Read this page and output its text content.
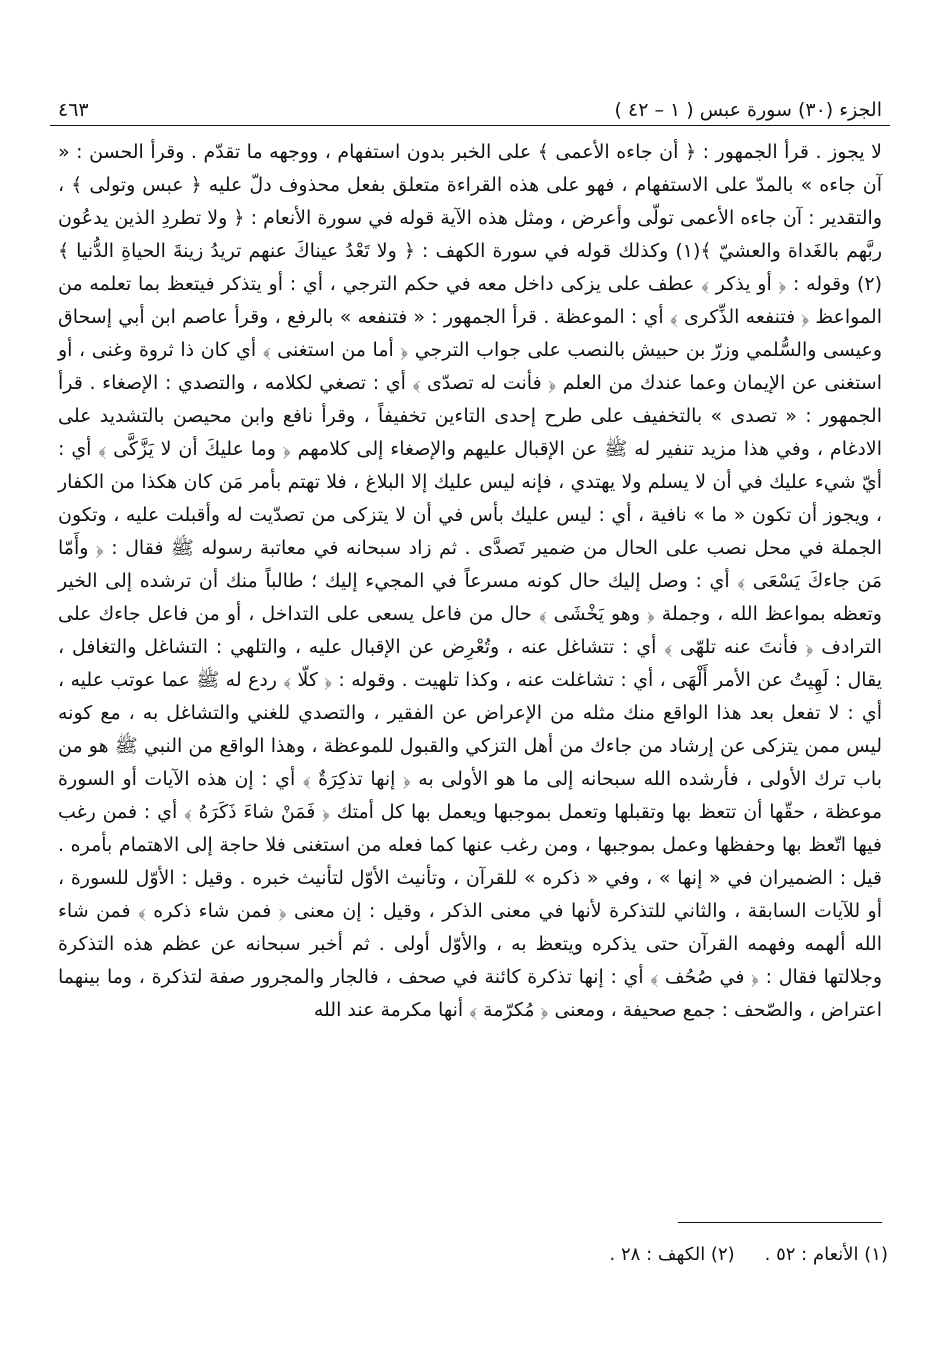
الجزء (٣٠) سورة عبس ( ١ – ٤٢ )
٤٦٣

لا يجوز . قرأ الجمهور : ﴿ أن جاءه الأعمى ﴾ على الخبر بدون استفهام ، ووجهه ما تقدّم . وقرأ الحسن : « آن جاءه » بالمدّ على الاستفهام ، فهو على هذه القراءة متعلق بفعل محذوف دلّ عليه ﴿ عبس وتولى ﴾ ، والتقدير : آن جاءه الأعمى تولّى وأعرض ، ومثل هذه الآية قوله في سورة الأنعام : ﴿ ولا تطردِ الذين يدعُون ربَّهم بالغَداة والعشيّ ﴾(١) وكذلك قوله في سورة الكهف : ﴿ ولا تَعْدُ عيناكَ عنهم تريدُ زينةَ الحياةِ الدُّنيا ﴾(٢) وقوله : ﴿ أو يذكر ﴾ عطف على يزكى داخل معه في حكم الترجي ، أي : أو يتذكر فيتعظ بما تعلمه من المواعظ ﴿ فتنفعه الذِّكرى ﴾ أي : الموعظة . قرأ الجمهور : « فتنفعه » بالرفع ، وقرأ عاصم ابن أبي إسحاق وعيسى والسُّلمي وزرّ بن حبيش بالنصب على جواب الترجي ﴿ أما من استغنى ﴾ أي كان ذا ثروة وغنى ، أو استغنى عن الإيمان وعما عندك من العلم ﴿ فأنت له تصدّى ﴾ أي : تصغي لكلامه ، والتصدي : الإصغاء . قرأ الجمهور : « تصدى » بالتخفيف على طرح إحدى التاءين تخفيفاً ، وقرأ نافع وابن محيصن بالتشديد على الادغام ، وفي هذا مزيد تنفير له ﷺ عن الإقبال عليهم والإصغاء إلى كلامهم ﴿ وما عليكَ أن لا يَزَّكَّى ﴾ أي : أيّ شيء عليك في أن لا يسلم ولا يهتدي ، فإنه ليس عليك إلا البلاغ ، فلا تهتم بأمر مَن كان هكذا من الكفار ، ويجوز أن تكون « ما » نافية ، أي : ليس عليك بأس في أن لا يتزكى من تصدّيت له وأقبلت عليه ، وتكون الجملة في محل نصب على الحال من ضمير تَصدَّى . ثم زاد سبحانه في معاتبة رسوله ﷺ فقال : ﴿ وأَمّا مَن جاءكَ يَسْعَى ﴾ أي : وصل إليك حال كونه مسرعاً في المجيء إليك ؛ طالباً منك أن ترشده إلى الخير وتعظه بمواعظ الله ، وجملة ﴿ وهو يَخْشَى ﴾ حال من فاعل يسعى على التداخل ، أو من فاعل جاءك على الترادف ﴿ فأنتَ عنه تلهّى ﴾ أي : تتشاغل عنه ، وتُعْرِض عن الإقبال عليه ، والتلهي : التشاغل والتغافل ، يقال : لَهِيتُ عن الأمر أَلْهَى ، أي : تشاغلت عنه ، وكذا تلهيت . وقوله : ﴿ كلّا ﴾ ردع له ﷺ عما عوتب عليه ، أي : لا تفعل بعد هذا الواقع منك مثله من الإعراض عن الفقير ، والتصدي للغني والتشاغل به ، مع كونه ليس ممن يتزكى عن إرشاد من جاءك من أهل التزكي والقبول للموعظة ، وهذا الواقع من النبي ﷺ هو من باب ترك الأولى ، فأرشده الله سبحانه إلى ما هو الأولى به ﴿ إنها تذكِرَةٌ ﴾ أي : إن هذه الآيات أو السورة موعظة ، حقّها أن تتعظ بها وتقبلها وتعمل بموجبها ويعمل بها كل أمتك ﴿ فَمَنْ شاءَ ذَكَرَهُ ﴾ أي : فمن رغب فيها اتّعظ بها وحفظها وعمل بموجبها ، ومن رغب عنها كما فعله من استغنى فلا حاجة إلى الاهتمام بأمره . قيل : الضميران في « إنها » ، وفي « ذكره » للقرآن ، وتأنيث الأوّل لتأنيث خبره . وقيل : الأوّل للسورة ، أو للآيات السابقة ، والثاني للتذكرة لأنها في معنى الذكر ، وقيل : إن معنى ﴿ فمن شاء ذكره ﴾ فمن شاء الله ألهمه وفهمه القرآن حتى يذكره ويتعظ به ، والأوّل أولى . ثم أخبر سبحانه عن عظم هذه التذكرة وجلالتها فقال : ﴿ في صُحُف ﴾ أي : إنها تذكرة كائنة في صحف ، فالجار والمجرور صفة لتذكرة ، وما بينهما اعتراض ، والصّحف : جمع صحيفة ، ومعنى ﴿ مُكرّمة ﴾ أنها مكرمة عند الله

(١) الأنعام : ٥٢ .
(٢) الكهف : ٢٨ .
